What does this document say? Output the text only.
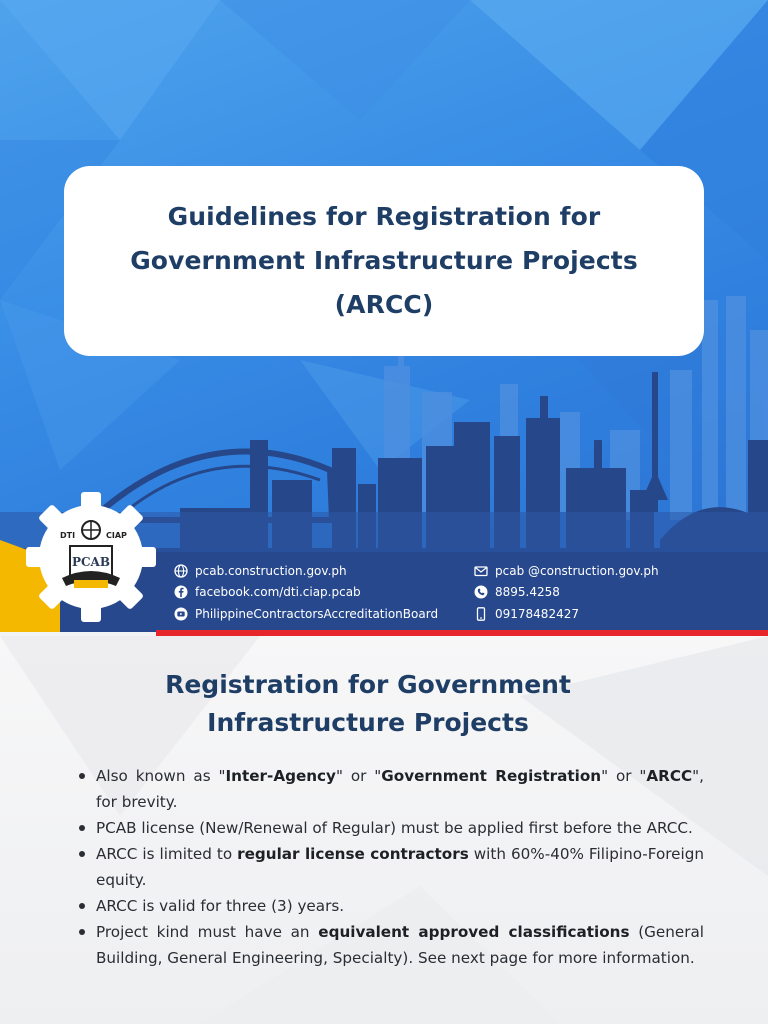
Guidelines for Registration for
Government Infrastructure Projects
(ARCC)
DTI	CIAP
PCAB
pcab.construction.gov.ph
facebook.com/dti.ciap.pcab
PhilippineContractorsAccreditationBoard
pcab @construction.gov.ph
8895.4258
09178482427
Registration for Government
Infrastructure Projects
Also known as "Inter-Agency" or "Government Registration" or "ARCC", for brevity.
PCAB license (New/Renewal of Regular) must be applied first before the ARCC.
ARCC is limited to regular license contractors with 60%-40% Filipino-Foreign equity.
ARCC is valid for three (3) years.
Project kind must have an equivalent approved classifications (General Building, General Engineering, Specialty). See next page for more information.
